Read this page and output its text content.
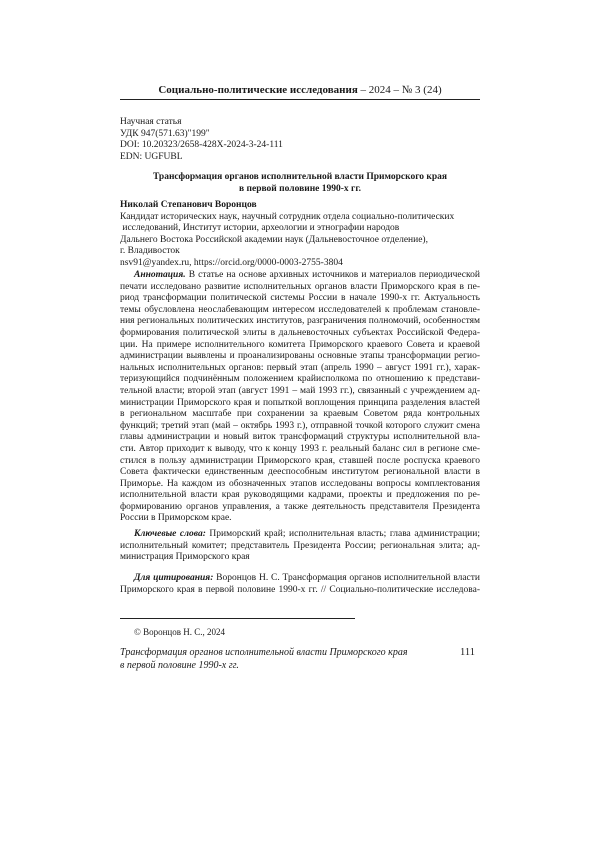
Социально-политические исследования – 2024 – № 3 (24)
Научная статья
УДК 947(571.63)"199"
DOI: 10.20323/2658-428X-2024-3-24-111
EDN: UGFUBL
Трансформация органов исполнительной власти Приморского края
в первой половине 1990-х гг.
Николай Степанович Воронцов
Кандидат исторических наук, научный сотрудник отдела социально-политических
исследований, Институт истории, археологии и этнографии народов
Дальнего Востока Российской академии наук (Дальневосточное отделение),
г. Владивосток
nsv91@yandex.ru, https://orcid.org/0000-0003-2755-3804
Аннотация. В статье на основе архивных источников и материалов периодической
печати исследовано развитие исполнительных органов власти Приморского края в пе-
риод трансформации политической системы России в начале 1990-х гг. Актуальность
темы обусловлена неослабевающим интересом исследователей к проблемам становле-
ния региональных политических институтов, разграничения полномочий, особенностям
формирования политической элиты в дальневосточных субъектах Российской Федера-
ции. На примере исполнительного комитета Приморского краевого Совета и краевой
администрации выявлены и проанализированы основные этапы трансформации регио-
нальных исполнительных органов: первый этап (апрель 1990 – август 1991 гг.), харак-
теризующийся подчинённым положением крайисполкома по отношению к представи-
тельной власти; второй этап (август 1991 – май 1993 гг.), связанный с учреждением ад-
министрации Приморского края и попыткой воплощения принципа разделения властей
в региональном масштабе при сохранении за краевым Советом ряда контрольных
функций; третий этап (май – октябрь 1993 г.), отправной точкой которого служит смена
главы администрации и новый виток трансформаций структуры исполнительной вла-
сти. Автор приходит к выводу, что к концу 1993 г. реальный баланс сил в регионе сме-
стился в пользу администрации Приморского края, ставшей после роспуска краевого
Совета фактически единственным дееспособным институтом региональной власти в
Приморье. На каждом из обозначенных этапов исследованы вопросы комплектования
исполнительной власти края руководящими кадрами, проекты и предложения по ре-
формированию органов управления, а также деятельность представителя Президента
России в Приморском крае.
Ключевые слова: Приморский край; исполнительная власть; глава администрации;
исполнительный комитет; представитель Президента России; региональная элита; ад-
министрация Приморского края
Для цитирования: Воронцов Н. С. Трансформация органов исполнительной власти
Приморского края в первой половине 1990-х гг. // Социально-политические исследова-
© Воронцов Н. С., 2024
Трансформация органов исполнительной власти Приморского края
в первой половине 1990-х гг.
111
